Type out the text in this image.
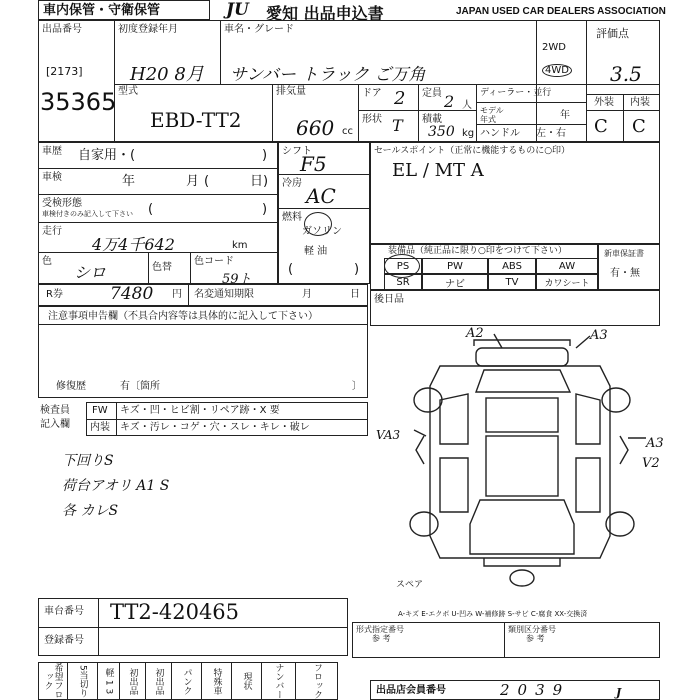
車内保管・守衛保管	JU 愛知 出品申込書	JAPAN USED CAR DEALERS ASSOCIATION
出品番号
[2173]
35365
初度登録年月	車名・グレード
H20 8月 サンバー トラック ご万角
2WD
4WD
評価点
3.5
型式
EBD-TT2
排気量
660 cc
ドア 2 定員 2 人
形状 T 積載
350 kg
ディーラー・並行
モデル年式	年
ハンドル 左・右
外装 内装
C C
車歴 自家用・(	)
車検	年	月	日)
(
受検形態
車検付きのみ記入して下さい (	)
走行
4万4千642	km
色
シロ	色替
色コード
59ト
R券	7480 円 名変通知期限	月	日
シフト
F5
冷房
AC
燃料
ガソリン
軽 油
(	)
セールスポイント（正常に機能するものに○印）
EL / MT A
装備品（純正品に限り○印をつけて下さい）
PS	PW	ABS	AW
SR	ナビ	TV	カワシート
新車保証書
有・無
後日品
注意事項申告欄（不具合内容等は具体的に記入して下さい）
修復歴	有〔箇所	〕
検査員
記入欄
FW キズ・凹・ヒビ割・リペア跡・X 要
内装 キズ・汚レ・コゲ・穴・スレ・キレ・破レ
下回りS
荷台アオリ A1 S
各 カレS
A2	A3
VA3
A3
V2
スペア
A-キズ E-エクボ U-凹み W-補修跡 S-サビ C-腐食 XX-交換済
車台番号 TT2-420465
登録番号
形式指定番号
参 考
類別区分番号
参 考
希望フロック	5当切り	軽 1 3	初出品	初出品	パンク	特殊車	現状	ナンバー	フロック	出品店会員番号	2039	J
